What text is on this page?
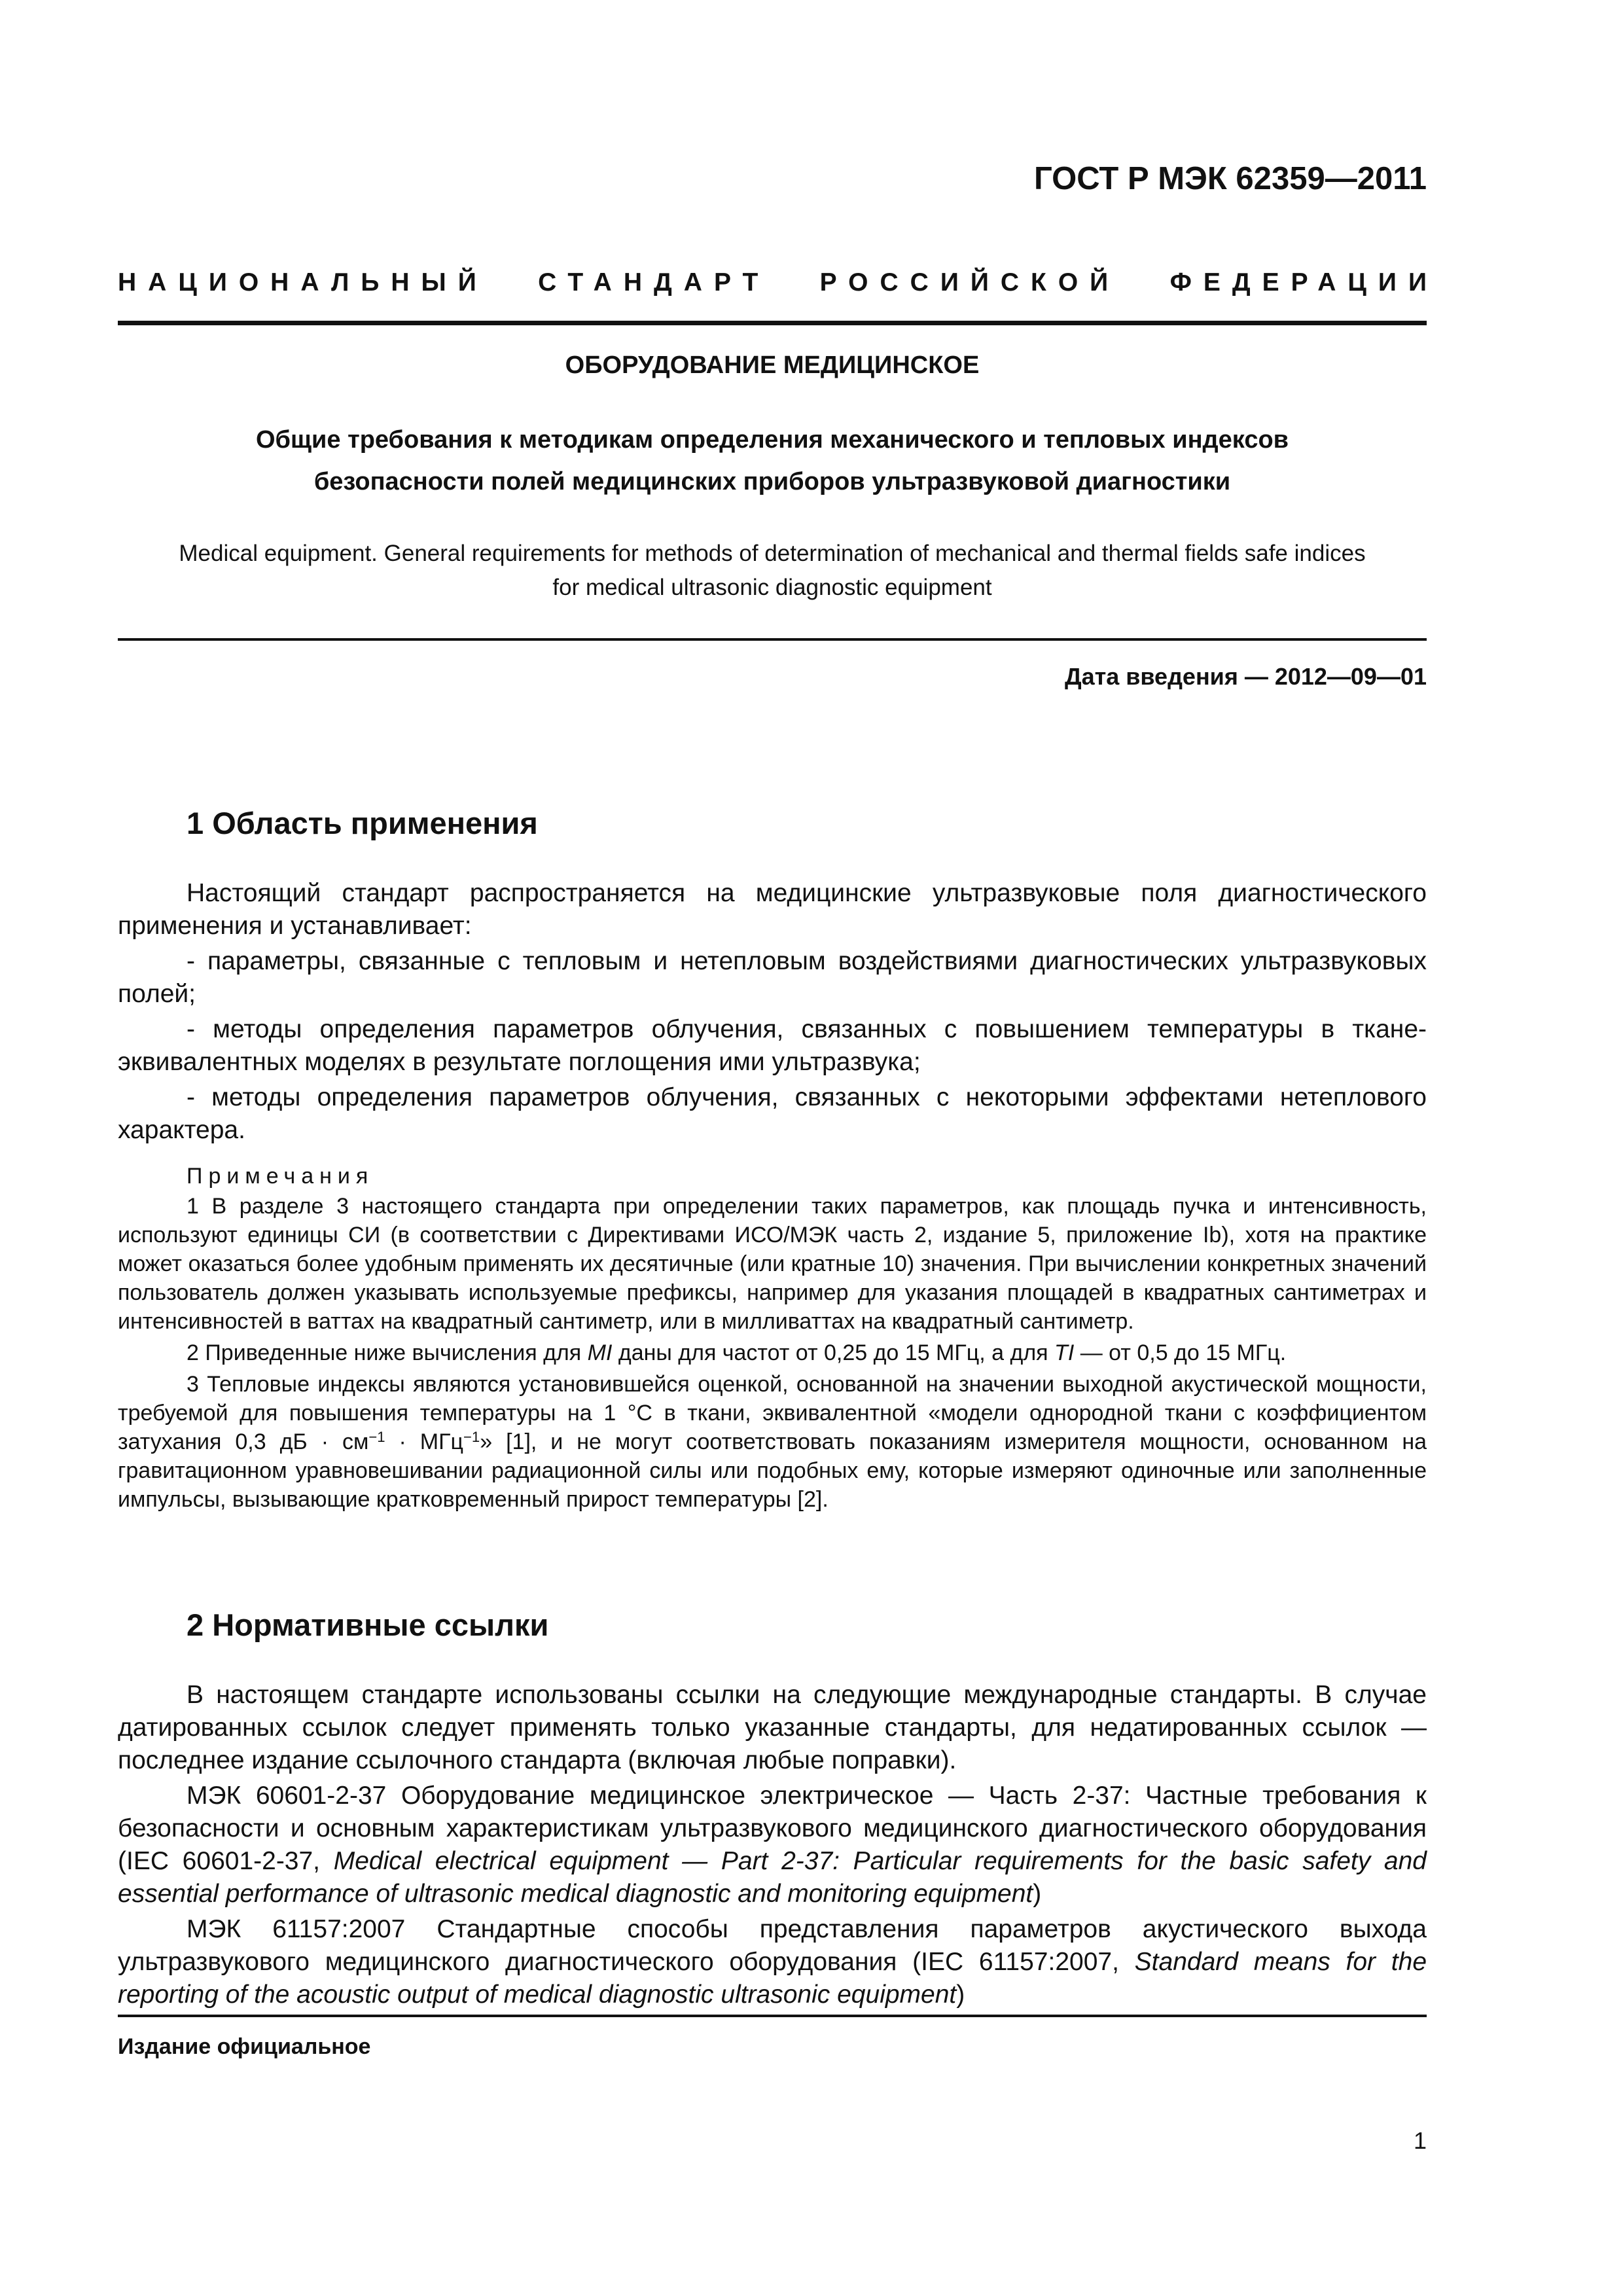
ГОСТ Р МЭК 62359—2011
НАЦИОНАЛЬНЫЙ СТАНДАРТ РОССИЙСКОЙ ФЕДЕРАЦИИ
ОБОРУДОВАНИЕ МЕДИЦИНСКОЕ
Общие требования к методикам определения механического и тепловых индексов
безопасности полей медицинских приборов ультразвуковой диагностики
Medical equipment. General requirements for methods of determination of mechanical and thermal fields safe indices
for medical ultrasonic diagnostic equipment
Дата введения — 2012—09—01
1 Область применения

Настоящий стандарт распространяется на медицинские ультразвуковые поля диагностического применения и устанавливает:

- параметры, связанные с тепловым и нетепловым воздействиями диагностических ультразвуковых полей;

- методы определения параметров облучения, связанных с повышением температуры в ткане-эквивалентных моделях в результате поглощения ими ультразвука;

- методы определения параметров облучения, связанных с некоторыми эффектами нетеплового характера.

Примечания

1 В разделе 3 настоящего стандарта при определении таких параметров, как площадь пучка и интенсивность, используют единицы СИ (в соответствии с Директивами ИСО/МЭК часть 2, издание 5, приложение Ib), хотя на практике может оказаться более удобным применять их десятичные (или кратные 10) значения. При вычислении конкретных значений пользователь должен указывать используемые префиксы, например для указания площадей в квадратных сантиметрах и интенсивностей в ваттах на квадратный сантиметр, или в милливаттах на квадратный сантиметр.

2 Приведенные ниже вычисления для MI даны для частот от 0,25 до 15 МГц, а для TI — от 0,5 до 15 МГц.

3 Тепловые индексы являются установившейся оценкой, основанной на значении выходной акустической мощности, требуемой для повышения температуры на 1 °С в ткани, эквивалентной «модели однородной ткани с коэффициентом затухания 0,3 дБ · $см^{-1} \cdot МГц^{-1}$» [1], и не могут соответствовать показаниям измерителя мощности, основанном на гравитационном уравновешивании радиационной силы или подобных ему, которые измеряют одиночные или заполненные импульсы, вызывающие кратковременный прирост температуры [2].

2 Нормативные ссылки

В настоящем стандарте использованы ссылки на следующие международные стандарты. В случае датированных ссылок следует применять только указанные стандарты, для недатированных ссылок — последнее издание ссылочного стандарта (включая любые поправки).

МЭК 60601-2-37 Оборудование медицинское электрическое — Часть 2-37: Частные требования к безопасности и основным характеристикам ультразвукового медицинского диагностического оборудования (IEC 60601-2-37, Medical electrical equipment — Part 2-37: Particular requirements for the basic safety and essential performance of ultrasonic medical diagnostic and monitoring equipment)

МЭК 61157:2007 Стандартные способы представления параметров акустического выхода ультразвукового медицинского диагностического оборудования (IEC 61157:2007, Standard means for the reporting of the acoustic output of medical diagnostic ultrasonic equipment)

Издание официальное
1
